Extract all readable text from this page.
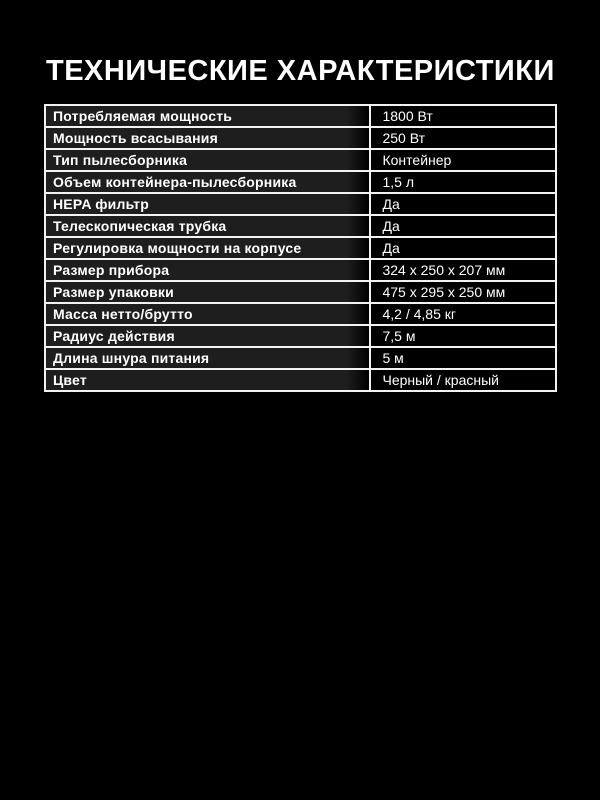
ТЕХНИЧЕСКИЕ ХАРАКТЕРИСТИКИ
Потребляемая мощность	1800 Вт
Мощность всасывания	250 Вт
Тип пылесборника	Контейнер
Объем контейнера-пылесборника	1,5 л
HEPA фильтр	Да
Телескопическая трубка	Да
Регулировка мощности на корпусе	Да
Размер прибора	324 x 250 x 207 мм
Размер упаковки	475 x 295 x 250 мм
Масса нетто/брутто	4,2 / 4,85 кг
Радиус действия	7,5 м
Длина шнура питания	5 м
Цвет	Черный / красный
